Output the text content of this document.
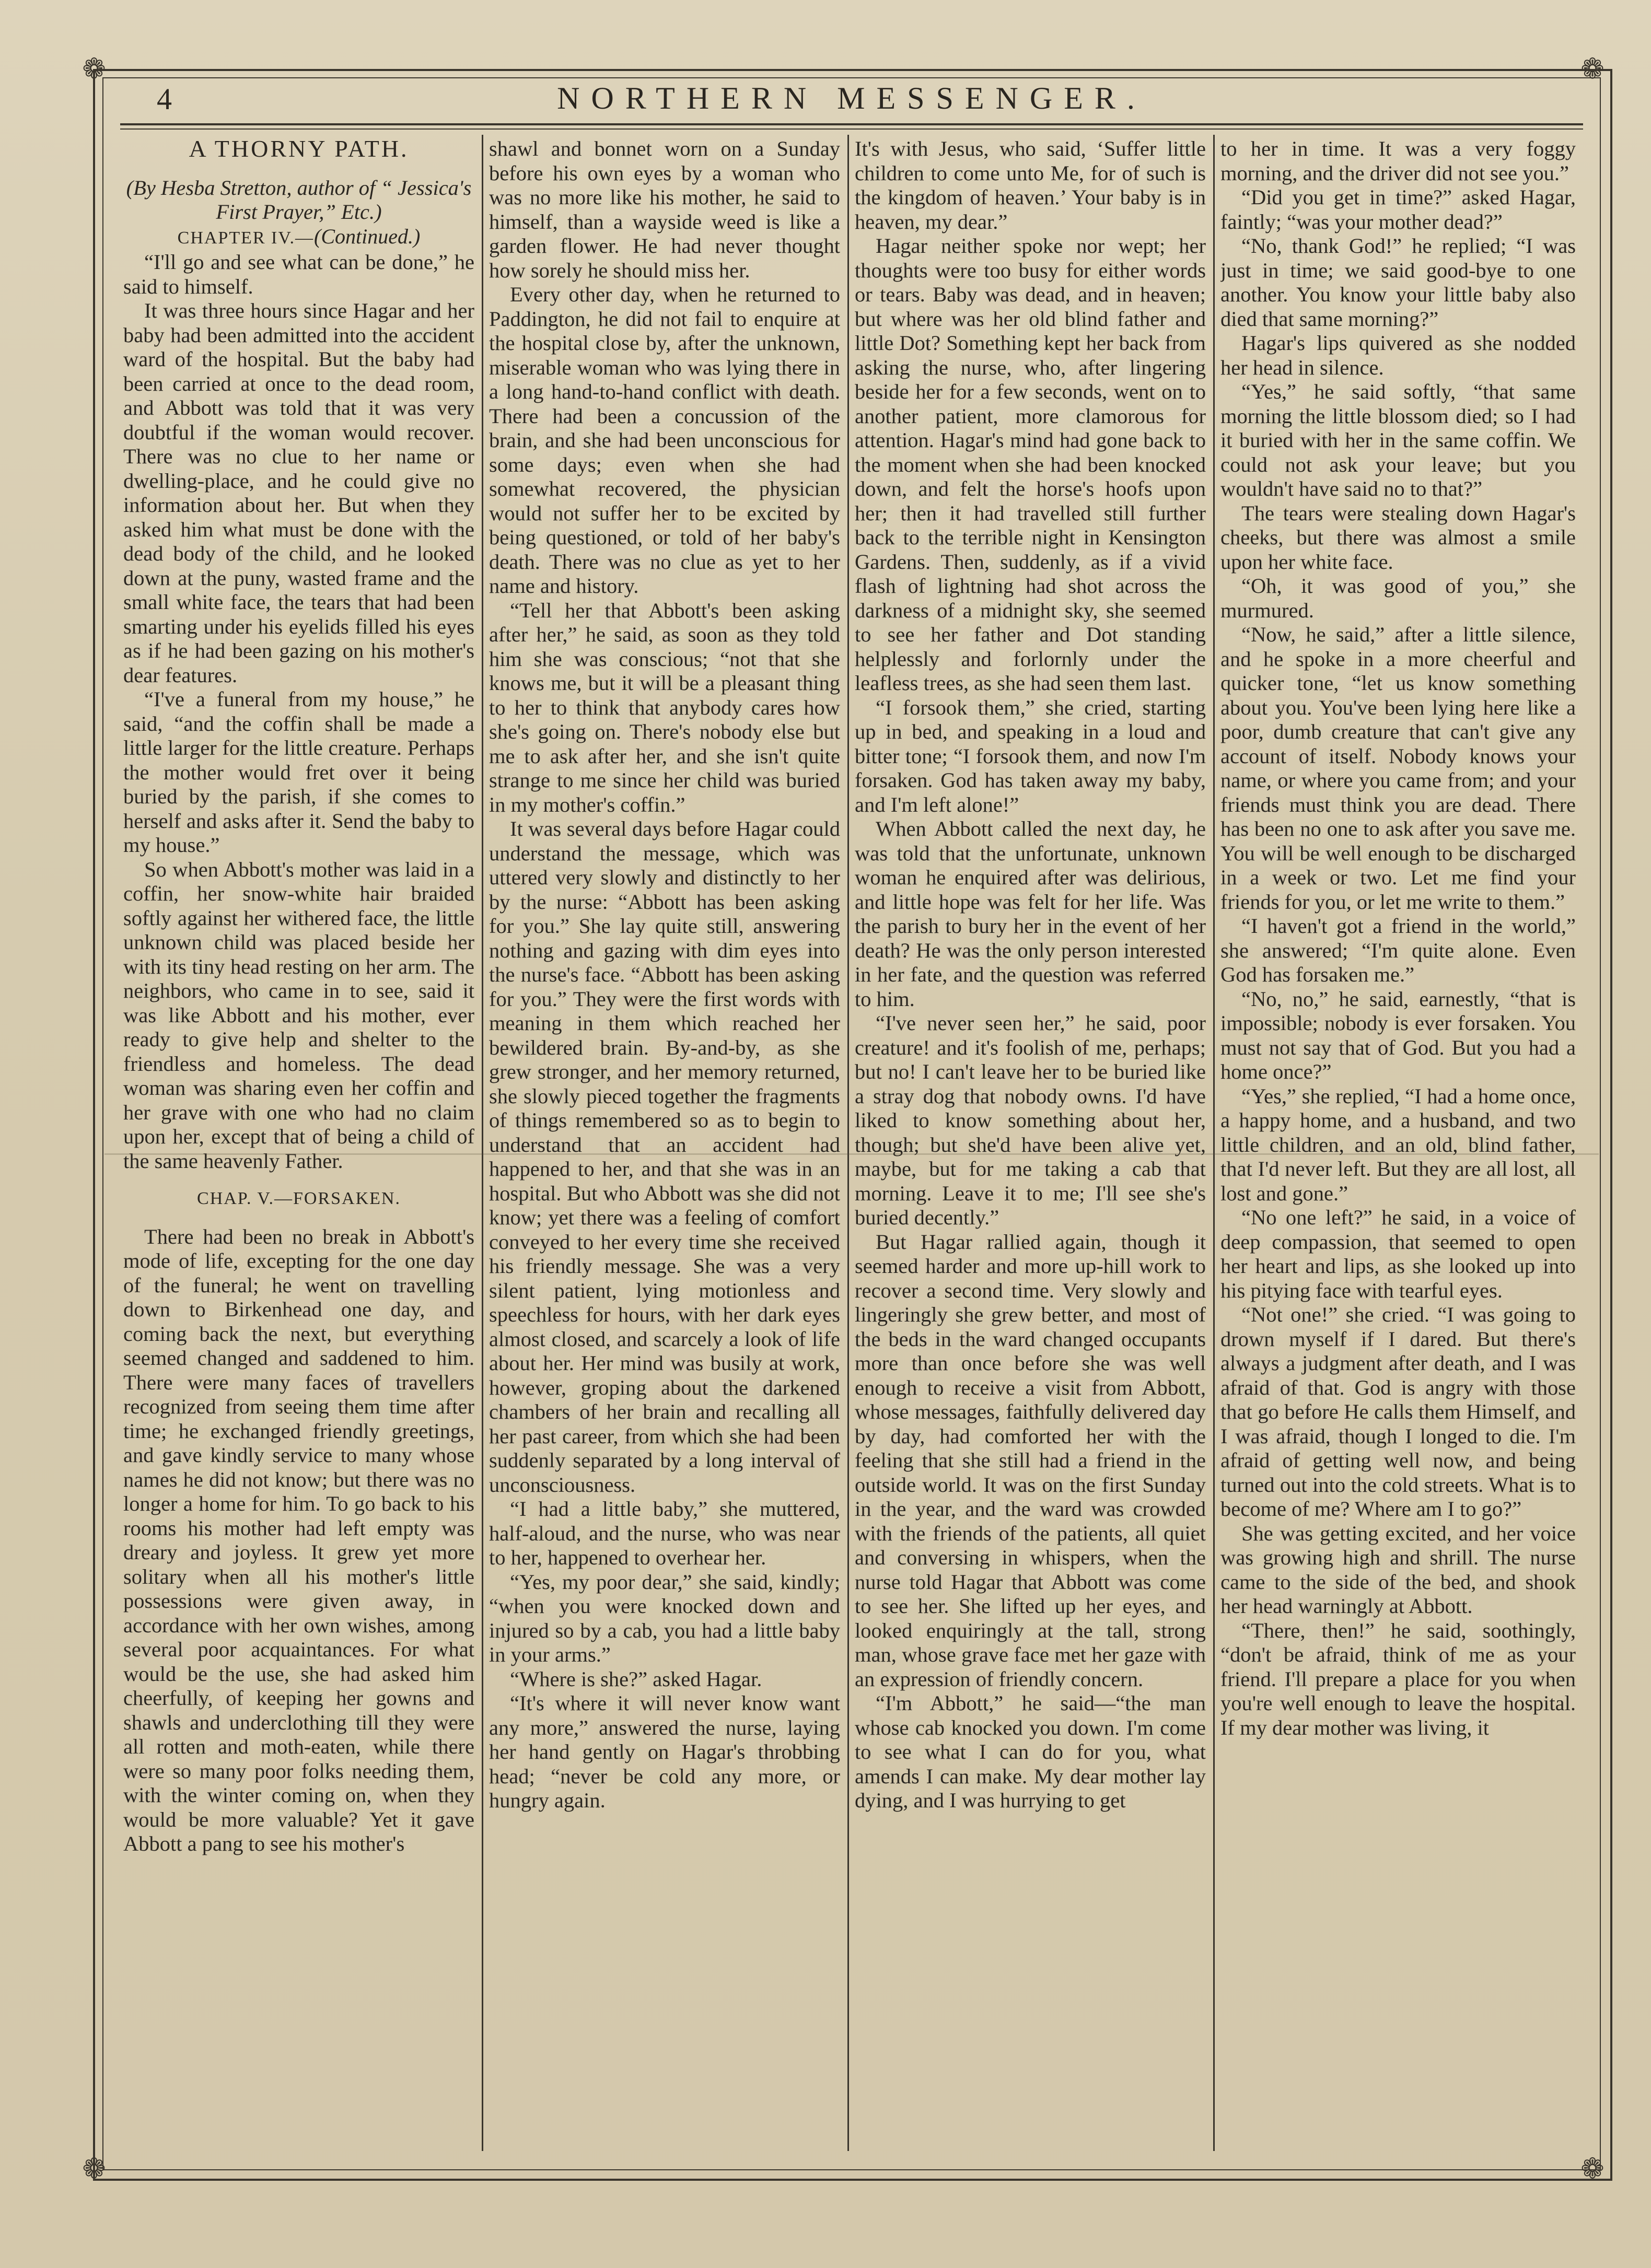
❁	❁
❁	❁
4	NORTHERN MESSENGER.
A THORNY PATH.

(By Hesba Stretton, author of “ Jessica's First Prayer,” Etc.)

CHAPTER IV.—(Continued.)

“I'll go and see what can be done,” he said to himself.

It was three hours since Hagar and her baby had been admitted into the accident ward of the hospital. But the baby had been carried at once to the dead room, and Abbott was told that it was very doubtful if the woman would recover. There was no clue to her name or dwelling-place, and he could give no information about her. But when they asked him what must be done with the dead body of the child, and he looked down at the puny, wasted frame and the small white face, the tears that had been smarting under his eyelids filled his eyes as if he had been gazing on his mother's dear features.

“I've a funeral from my house,” he said, “and the coffin shall be made a little larger for the little creature. Perhaps the mother would fret over it being buried by the parish, if she comes to herself and asks after it. Send the baby to my house.”

So when Abbott's mother was laid in a coffin, her snow-white hair braided softly against her withered face, the little unknown child was placed beside her with its tiny head resting on her arm. The neighbors, who came in to see, said it was like Abbott and his mother, ever ready to give help and shelter to the friendless and homeless. The dead woman was sharing even her coffin and her grave with one who had no claim upon her, except that of being a child of the same heavenly Father.

CHAP. V.—FORSAKEN.

There had been no break in Abbott's mode of life, excepting for the one day of the funeral; he went on travelling down to Birkenhead one day, and coming back the next, but everything seemed changed and saddened to him. There were many faces of travellers recognized from seeing them time after time; he exchanged friendly greetings, and gave kindly service to many whose names he did not know; but there was no longer a home for him. To go back to his rooms his mother had left empty was dreary and joyless. It grew yet more solitary when all his mother's little possessions were given away, in accordance with her own wishes, among several poor acquaintances. For what would be the use, she had asked him cheerfully, of keeping her gowns and shawls and underclothing till they were all rotten and moth-eaten, while there were so many poor folks needing them, with the winter coming on, when they would be more valuable? Yet it gave Abbott a pang to see his mother's

shawl and bonnet worn on a Sunday before his own eyes by a woman who was no more like his mother, he said to himself, than a wayside weed is like a garden flower. He had never thought how sorely he should miss her.

Every other day, when he returned to Paddington, he did not fail to enquire at the hospital close by, after the unknown, miserable woman who was lying there in a long hand-to-hand conflict with death. There had been a concussion of the brain, and she had been unconscious for some days; even when she had somewhat recovered, the physician would not suffer her to be excited by being questioned, or told of her baby's death. There was no clue as yet to her name and history.

“Tell her that Abbott's been asking after her,” he said, as soon as they told him she was conscious; “not that she knows me, but it will be a pleasant thing to her to think that anybody cares how she's going on. There's nobody else but me to ask after her, and she isn't quite strange to me since her child was buried in my mother's coffin.”

It was several days before Hagar could understand the message, which was uttered very slowly and distinctly to her by the nurse: “Abbott has been asking for you.” She lay quite still, answering nothing and gazing with dim eyes into the nurse's face. “Abbott has been asking for you.” They were the first words with meaning in them which reached her bewildered brain. By-and-by, as she grew stronger, and her memory returned, she slowly pieced together the fragments of things remembered so as to begin to understand that an accident had happened to her, and that she was in an hospital. But who Abbott was she did not know; yet there was a feeling of comfort conveyed to her every time she received his friendly message. She was a very silent patient, lying motionless and speechless for hours, with her dark eyes almost closed, and scarcely a look of life about her. Her mind was busily at work, however, groping about the darkened chambers of her brain and recalling all her past career, from which she had been suddenly separated by a long interval of unconsciousness.

“I had a little baby,” she muttered, half-aloud, and the nurse, who was near to her, happened to overhear her.

“Yes, my poor dear,” she said, kindly; “when you were knocked down and injured so by a cab, you had a little baby in your arms.”

“Where is she?” asked Hagar.

“It's where it will never know want any more,” answered the nurse, laying her hand gently on Hagar's throbbing head; “never be cold any more, or hungry again.

It's with Jesus, who said, ‘Suffer little children to come unto Me, for of such is the kingdom of heaven.’ Your baby is in heaven, my dear.”

Hagar neither spoke nor wept; her thoughts were too busy for either words or tears. Baby was dead, and in heaven; but where was her old blind father and little Dot? Something kept her back from asking the nurse, who, after lingering beside her for a few seconds, went on to another patient, more clamorous for attention. Hagar's mind had gone back to the moment when she had been knocked down, and felt the horse's hoofs upon her; then it had travelled still further back to the terrible night in Kensington Gardens. Then, suddenly, as if a vivid flash of lightning had shot across the darkness of a midnight sky, she seemed to see her father and Dot standing helplessly and forlornly under the leafless trees, as she had seen them last.

“I forsook them,” she cried, starting up in bed, and speaking in a loud and bitter tone; “I forsook them, and now I'm forsaken. God has taken away my baby, and I'm left alone!”

When Abbott called the next day, he was told that the unfortunate, unknown woman he enquired after was delirious, and little hope was felt for her life. Was the parish to bury her in the event of her death? He was the only person interested in her fate, and the question was referred to him.

“I've never seen her,” he said, poor creature! and it's foolish of me, perhaps; but no! I can't leave her to be buried like a stray dog that nobody owns. I'd have liked to know something about her, though; but she'd have been alive yet, maybe, but for me taking a cab that morning. Leave it to me; I'll see she's buried decently.”

But Hagar rallied again, though it seemed harder and more up-hill work to recover a second time. Very slowly and lingeringly she grew better, and most of the beds in the ward changed occupants more than once before she was well enough to receive a visit from Abbott, whose messages, faithfully delivered day by day, had comforted her with the feeling that she still had a friend in the outside world. It was on the first Sunday in the year, and the ward was crowded with the friends of the patients, all quiet and conversing in whispers, when the nurse told Hagar that Abbott was come to see her. She lifted up her eyes, and looked enquiringly at the tall, strong man, whose grave face met her gaze with an expression of friendly concern.

“I'm Abbott,” he said—“the man whose cab knocked you down. I'm come to see what I can do for you, what amends I can make. My dear mother lay dying, and I was hurrying to get

to her in time. It was a very foggy morning, and the driver did not see you.”

“Did you get in time?” asked Hagar, faintly; “was your mother dead?”

“No, thank God!” he replied; “I was just in time; we said good-bye to one another. You know your little baby also died that same morning?”

Hagar's lips quivered as she nodded her head in silence.

“Yes,” he said softly, “that same morning the little blossom died; so I had it buried with her in the same coffin. We could not ask your leave; but you wouldn't have said no to that?”

The tears were stealing down Hagar's cheeks, but there was almost a smile upon her white face.

“Oh, it was good of you,” she murmured.

“Now, he said,” after a little silence, and he spoke in a more cheerful and quicker tone, “let us know something about you. You've been lying here like a poor, dumb creature that can't give any account of itself. Nobody knows your name, or where you came from; and your friends must think you are dead. There has been no one to ask after you save me. You will be well enough to be discharged in a week or two. Let me find your friends for you, or let me write to them.”

“I haven't got a friend in the world,” she answered; “I'm quite alone. Even God has forsaken me.”

“No, no,” he said, earnestly, “that is impossible; nobody is ever forsaken. You must not say that of God. But you had a home once?”

“Yes,” she replied, “I had a home once, a happy home, and a husband, and two little children, and an old, blind father, that I'd never left. But they are all lost, all lost and gone.”

“No one left?” he said, in a voice of deep compassion, that seemed to open her heart and lips, as she looked up into his pitying face with tearful eyes.

“Not one!” she cried. “I was going to drown myself if I dared. But there's always a judgment after death, and I was afraid of that. God is angry with those that go before He calls them Himself, and I was afraid, though I longed to die. I'm afraid of getting well now, and being turned out into the cold streets. What is to become of me? Where am I to go?”

She was getting excited, and her voice was growing high and shrill. The nurse came to the side of the bed, and shook her head warningly at Abbott.

“There, then!” he said, soothingly, “don't be afraid, think of me as your friend. I'll prepare a place for you when you're well enough to leave the hospital. If my dear mother was living, it
